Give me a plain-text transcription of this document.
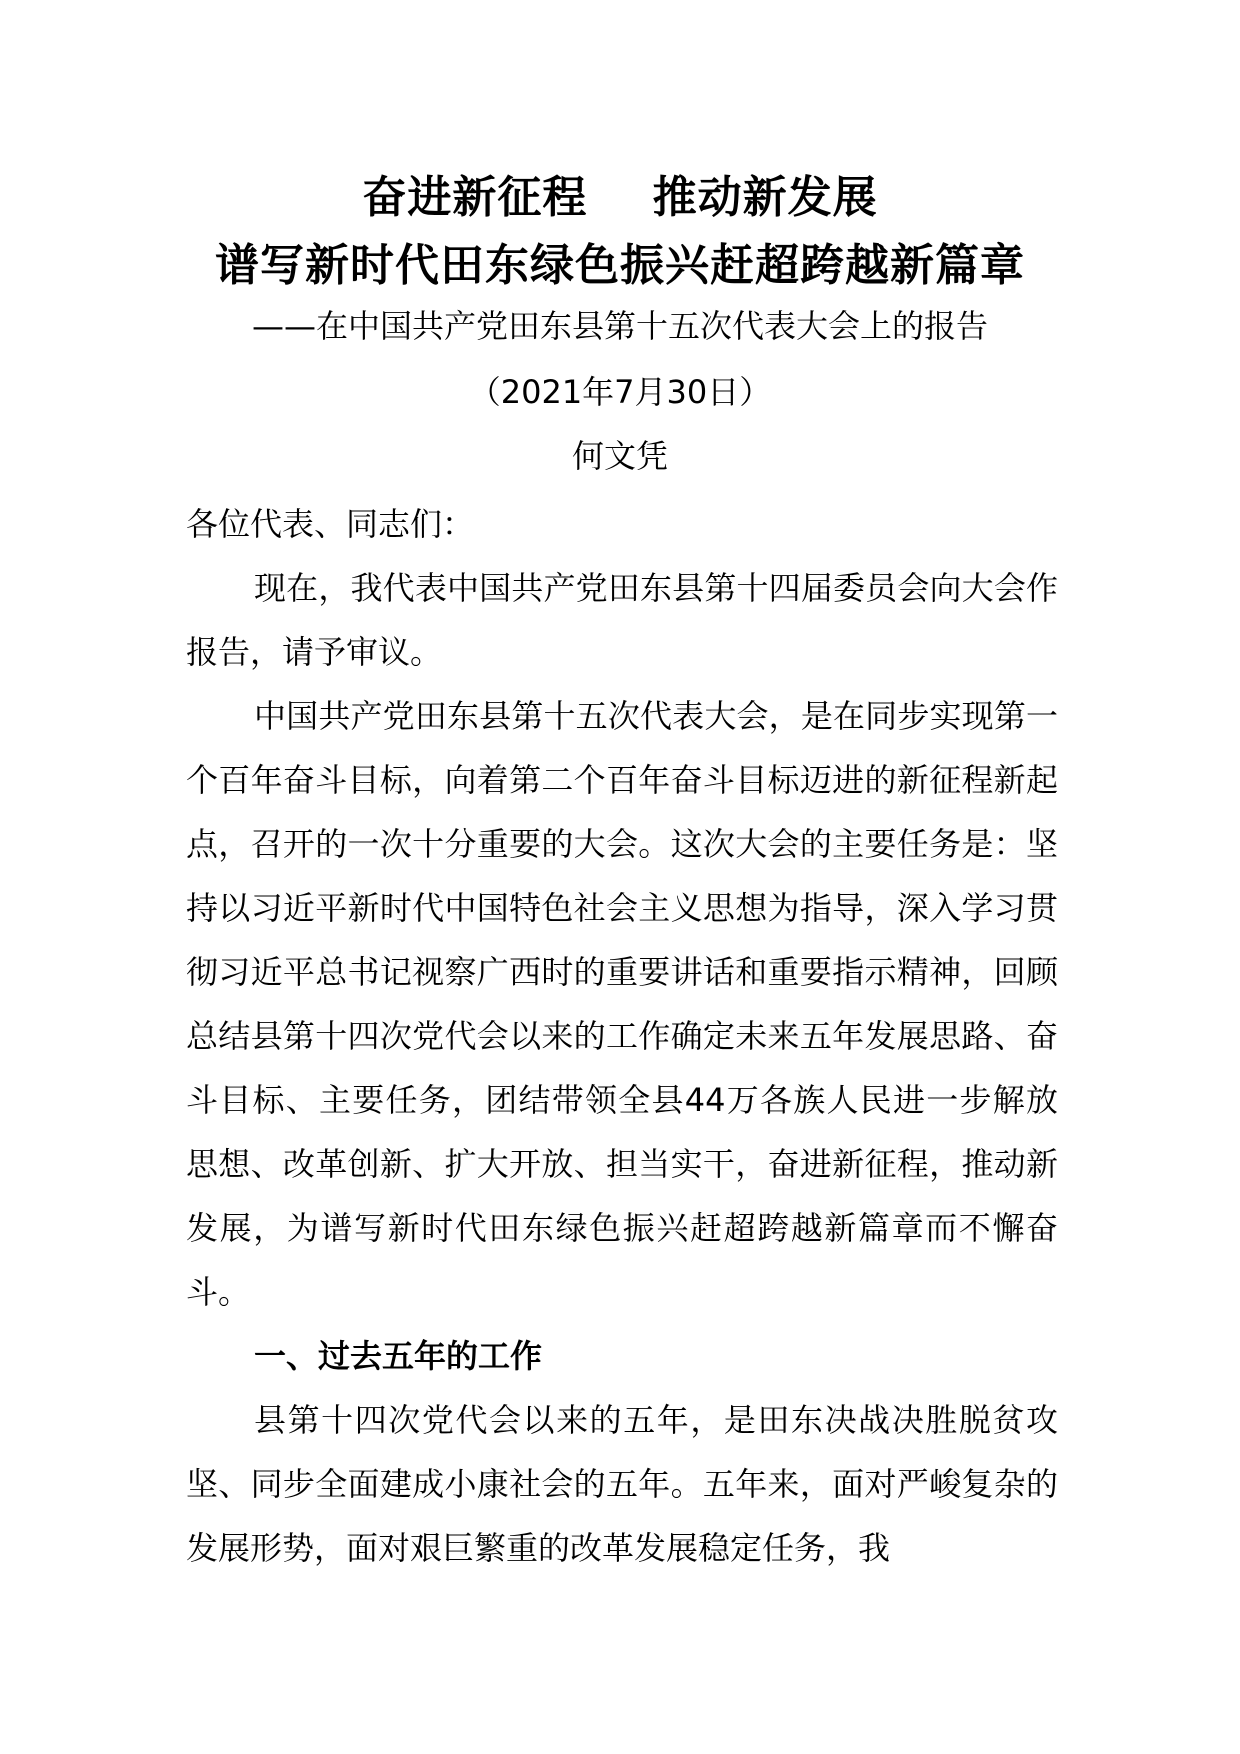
奋进新征程    推动新发展
谱写新时代田东绿色振兴赶超跨越新篇章
——在中国共产党田东县第十五次代表大会上的报告
（2021年7月30日）
何文凭

各位代表、同志们：

现在，我代表中国共产党田东县第十四届委员会向大会作报告，请予审议。

中国共产党田东县第十五次代表大会，是在同步实现第一个百年奋斗目标，向着第二个百年奋斗目标迈进的新征程新起点，召开的一次十分重要的大会。这次大会的主要任务是：坚持以习近平新时代中国特色社会主义思想为指导，深入学习贯彻习近平总书记视察广西时的重要讲话和重要指示精神，回顾总结县第十四次党代会以来的工作确定未来五年发展思路、奋斗目标、主要任务，团结带领全县44万各族人民进一步解放思想、改革创新、扩大开放、担当实干，奋进新征程，推动新发展，为谱写新时代田东绿色振兴赶超跨越新篇章而不懈奋斗。

一、过去五年的工作

县第十四次党代会以来的五年，是田东决战决胜脱贫攻坚、同步全面建成小康社会的五年。五年来，面对严峻复杂的发展形势，面对艰巨繁重的改革发展稳定任务，我
